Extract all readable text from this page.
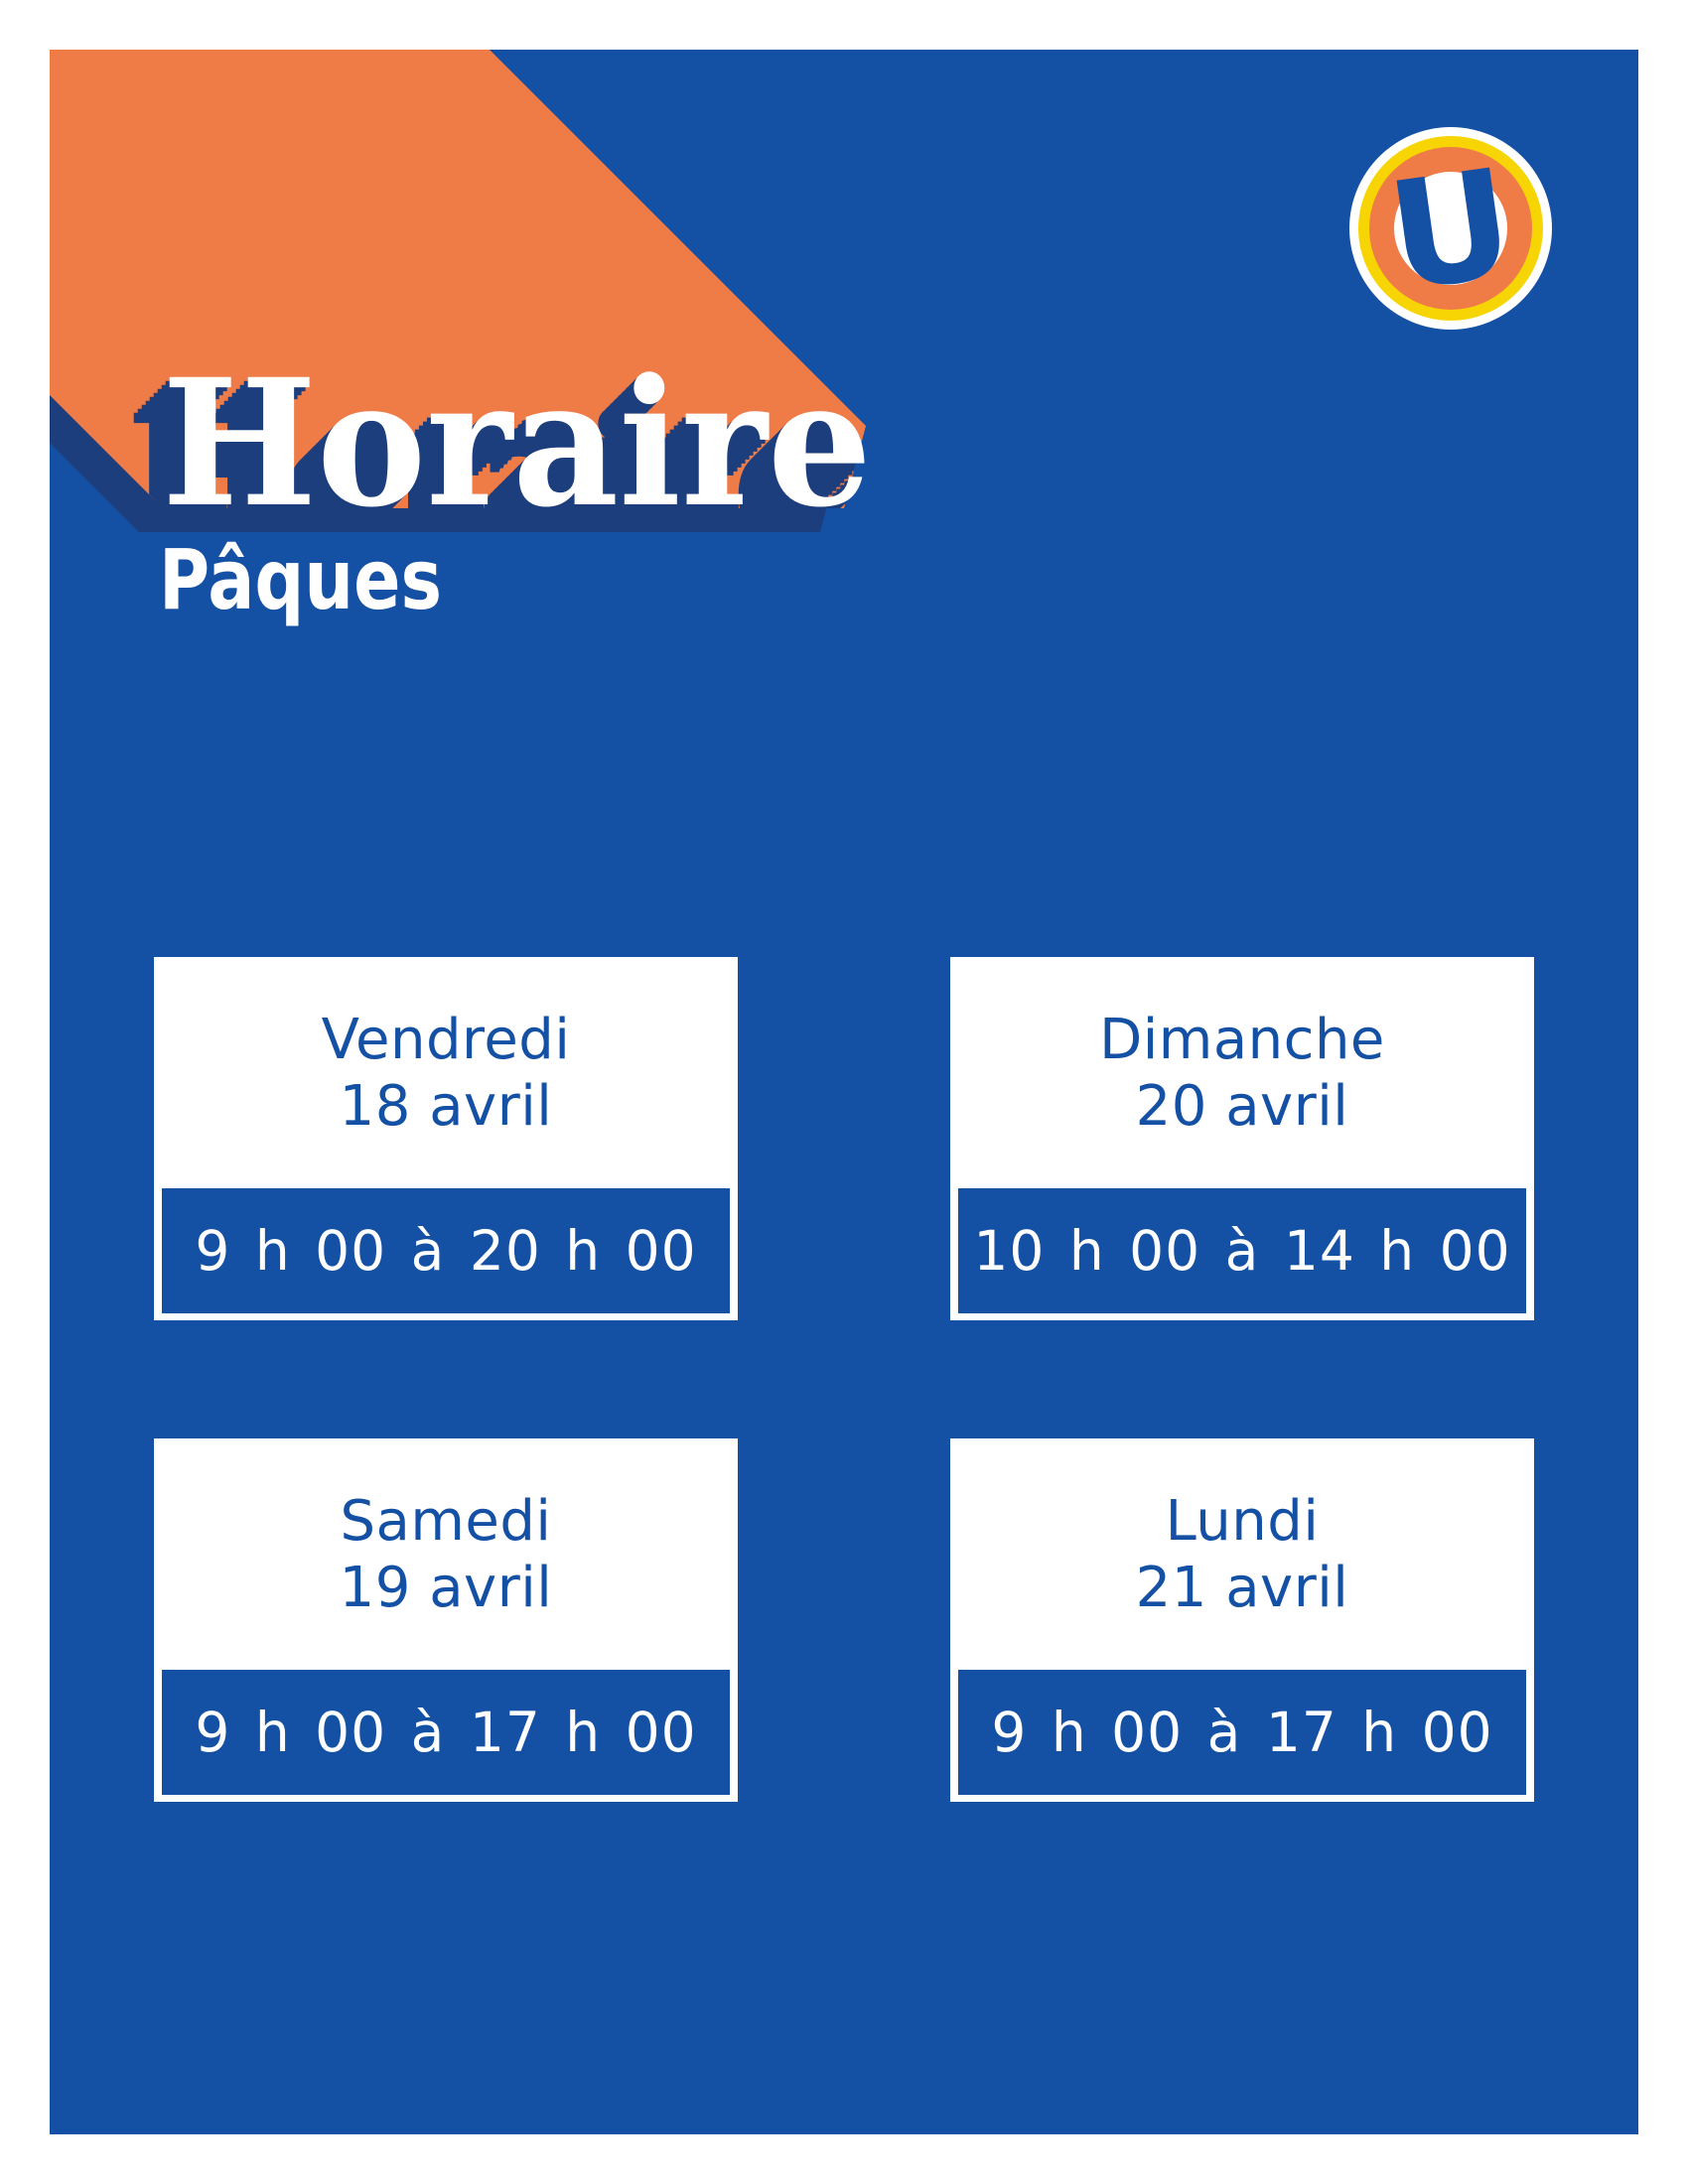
Pâques
U
Vendredi
18 avril
9 h 00 à 20 h 00
Dimanche
20 avril
10 h 00 à 14 h 00
Samedi
19 avril
9 h 00 à 17 h 00
Lundi
21 avril
9 h 00 à 17 h 00
